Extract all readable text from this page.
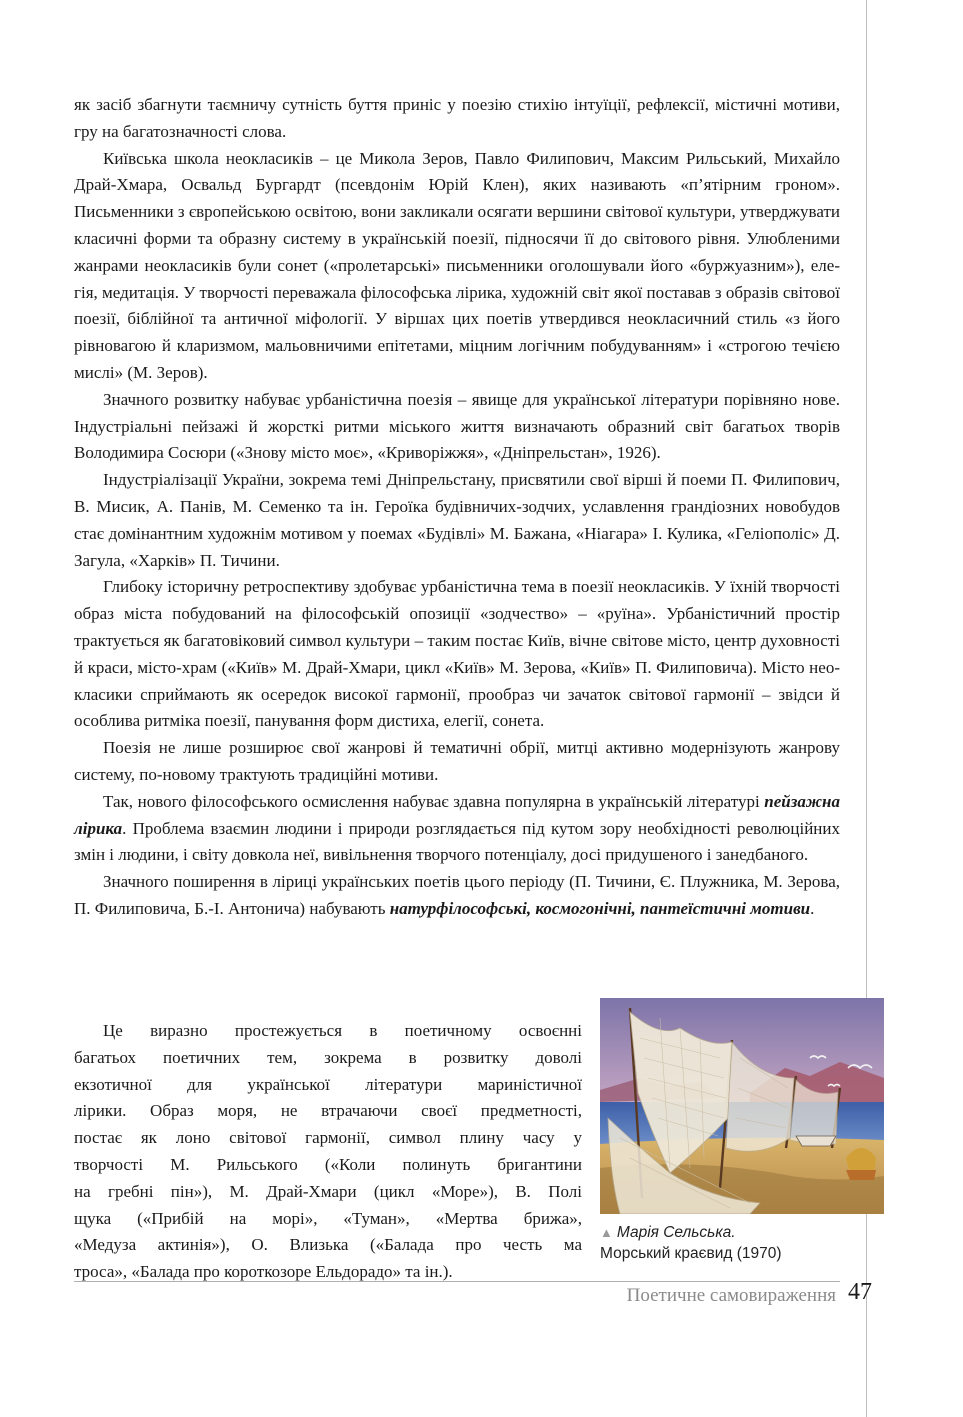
як засіб збагнути таємничу сутність буття приніс у поезію стихію інтуїції, рефлексії, містичні мотиви, гру на багатозначності слова.

Київська школа неокласиків – це Микола Зеров, Павло Филипович, Максим Рильський, Михайло Драй-Хмара, Освальд Бургардт (псевдонім Юрій Клен), яких називають «п’ятірним гроном». Письменники з європейською освітою, вони закликали осягати вершини світової культури, утверджувати класичні форми та образну систему в українській поезії, підносячи її до світового рівня. Улюбленими жанрами неокласиків були сонет («пролетарські» письменники оголошували його «буржуазним»), елегія, медитація. У творчості переважала філософська лірика, художній світ якої поставав з образів світової поезії, біблійної та античної міфології. У віршах цих поетів утвердився неокласичний стиль «з його рівновагою й кларизмом, мальовничими епітетами, міцним логічним побудуванням» і «строгою течією мислі» (М. Зеров).

Значного розвитку набуває урбаністична поезія – явище для української літератури порівняно нове. Індустріальні пейзажі й жорсткі ритми міського життя визначають образний світ багатьох творів Володимира Сосюри («Знову місто моє», «Криворіжжя», «Дніпрельстан», 1926).

Індустріалізації України, зокрема темі Дніпрельстану, присвятили свої вірші й поеми П. Филипович, В. Мисик, А. Панів, М. Семенко та ін. Героїка будівничих-зодчих, уславлення грандіозних новобудов стає домінантним художнім мотивом у поемах «Будівлі» М. Бажана, «Ніагара» І. Кулика, «Геліополіс» Д. Загула, «Харків» П. Тичини.

Глибоку історичну ретроспективу здобуває урбаністична тема в поезії неокласиків. У їхній творчості образ міста побудований на філософській опозиції «зодчество» – «руїна». Урбаністичний простір трактується як багатовіковий символ культури – таким постає Київ, вічне світове місто, центр духовності й краси, місто-храм («Київ» М. Драй-Хмари, цикл «Київ» М. Зерова, «Київ» П. Филиповича). Місто неокласики сприймають як осередок високої гармонії, прообраз чи зачаток світової гармонії – звідси й особлива ритміка поезії, панування форм дистиха, елегії, сонета.

Поезія не лише розширює свої жанрові й тематичні обрії, митці активно модернізують жанрову систему, по-новому трактують традиційні мотиви.

Так, нового філософського осмислення набуває здавна популярна в українській літературі пейзажна лірика. Проблема взаємин людини і природи розглядається під кутом зору необхідності революційних змін і людини, і світу довкола неї, вивільнення творчого потенціалу, досі придушеного і занедбаного.

Значного поширення в ліриці українських поетів цього періоду (П. Тичини, Є. Плужника, М. Зерова, П. Филиповича, Б.-І. Антонича) набувають натурфілософські, космогонічні, пантеїстичні мотиви.

Це виразно простежується в поетичному освоєнні
багатьох поетичних тем, зокрема в розвитку доволі
екзотичної для української літератури мариністичної
лірики. Образ моря, не втрачаючи своєї предметності,
постає як лоно світової гармонії, символ плину часу у
творчості М. Рильського («Коли полинуть бригантини
на гребні пін»), М. Драй-Хмари (цикл «Море»), В. Полі
щука («Прибій на морі», «Туман», «Мертва брижа»,
«Медуза актинія»), О. Влизька («Балада про честь ма
троса», «Балада про короткозоре Ельдорадо» та ін.).
▲ Марія Сельська.
Морський краєвид (1970)
Поетичне самовираження 47
